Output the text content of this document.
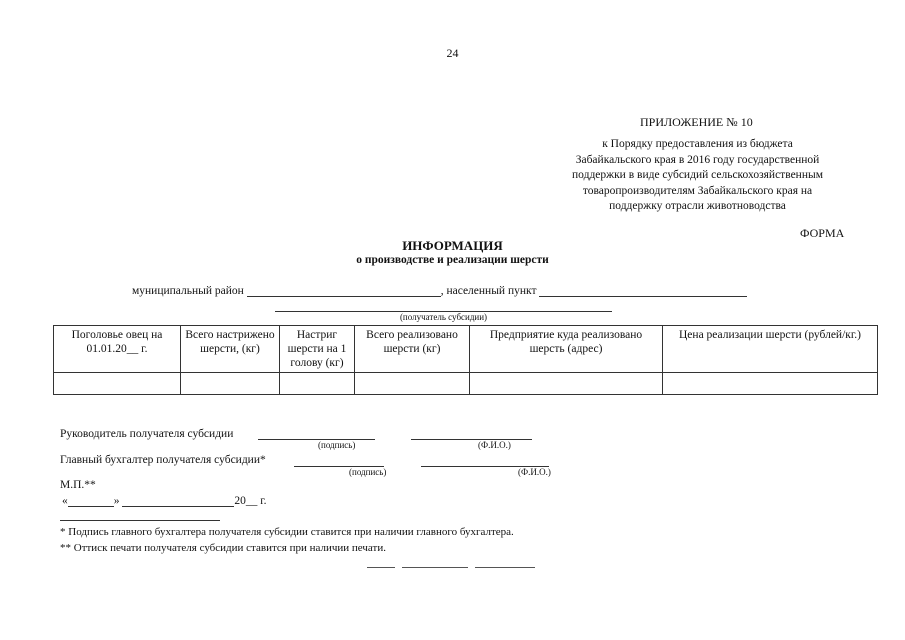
24
ПРИЛОЖЕНИЕ № 10
к Порядку предоставления из бюджета
Забайкальского края в 2016 году государственной
поддержки в виде субсидий сельскохозяйственным
товаропроизводителям Забайкальского края на
поддержку отрасли животноводства
ФОРМА
ИНФОРМАЦИЯ
о производстве и реализации шерсти
муниципальный район	, населенный пункт
(получатель субсидии)
Поголовье овец на 01.01.20__ г.	Всего настрижено шерсти, (кг)	Настриг шерсти на 1 голову (кг)	Всего реализовано шерсти (кг)	Предприятие куда реализовано шерсть (адрес)	Цена реализации шерсти (рублей/кг.)

Руководитель получателя субсидии
(подпись)	(Ф.И.О.)
Главный бухгалтер получателя субсидии*
(подпись)	(Ф.И.О.)
М.П.**
«	»	20__ г.
* Подпись главного бухгалтера получателя субсидии ставится при наличии главного бухгалтера.
** Оттиск печати получателя субсидии ставится при наличии печати.
